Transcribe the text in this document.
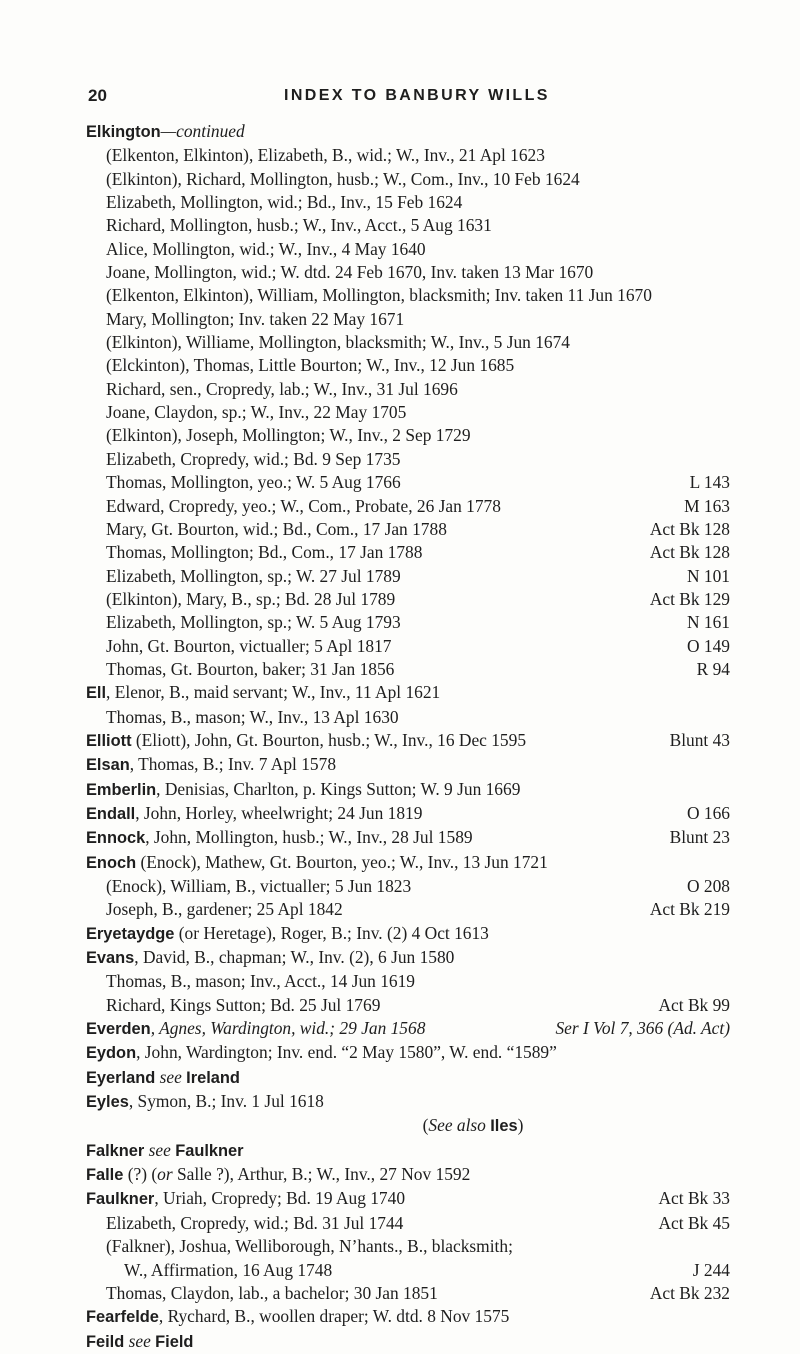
20	INDEX TO BANBURY WILLS
Elkington—continued
(Elkenton, Elkinton), Elizabeth, B., wid.; W., Inv., 21 Apl 1623
(Elkinton), Richard, Mollington, husb.; W., Com., Inv., 10 Feb 1624
Elizabeth, Mollington, wid.; Bd., Inv., 15 Feb 1624
Richard, Mollington, husb.; W., Inv., Acct., 5 Aug 1631
Alice, Mollington, wid.; W., Inv., 4 May 1640
Joane, Mollington, wid.; W. dtd. 24 Feb 1670, Inv. taken 13 Mar 1670
(Elkenton, Elkinton), William, Mollington, blacksmith; Inv. taken 11 Jun 1670
Mary, Mollington; Inv. taken 22 May 1671
(Elkinton), Williame, Mollington, blacksmith; W., Inv., 5 Jun 1674
(Elckinton), Thomas, Little Bourton; W., Inv., 12 Jun 1685
Richard, sen., Cropredy, lab.; W., Inv., 31 Jul 1696
Joane, Claydon, sp.; W., Inv., 22 May 1705
(Elkinton), Joseph, Mollington; W., Inv., 2 Sep 1729
Elizabeth, Cropredy, wid.; Bd. 9 Sep 1735
Thomas, Mollington, yeo.; W. 5 Aug 1766	L 143
Edward, Cropredy, yeo.; W., Com., Probate, 26 Jan 1778	M 163
Mary, Gt. Bourton, wid.; Bd., Com., 17 Jan 1788	Act Bk 128
Thomas, Mollington; Bd., Com., 17 Jan 1788	Act Bk 128
Elizabeth, Mollington, sp.; W. 27 Jul 1789	N 101
(Elkinton), Mary, B., sp.; Bd. 28 Jul 1789	Act Bk 129
Elizabeth, Mollington, sp.; W. 5 Aug 1793	N 161
John, Gt. Bourton, victualler; 5 Apl 1817	O 149
Thomas, Gt. Bourton, baker; 31 Jan 1856	R 94
Ell, Elenor, B., maid servant; W., Inv., 11 Apl 1621
Thomas, B., mason; W., Inv., 13 Apl 1630
Elliott (Eliott), John, Gt. Bourton, husb.; W., Inv., 16 Dec 1595	Blunt 43
Elsan, Thomas, B.; Inv. 7 Apl 1578
Emberlin, Denisias, Charlton, p. Kings Sutton; W. 9 Jun 1669
Endall, John, Horley, wheelwright; 24 Jun 1819	O 166
Ennock, John, Mollington, husb.; W., Inv., 28 Jul 1589	Blunt 23
Enoch (Enock), Mathew, Gt. Bourton, yeo.; W., Inv., 13 Jun 1721
(Enock), William, B., victualler; 5 Jun 1823	O 208
Joseph, B., gardener; 25 Apl 1842	Act Bk 219
Eryetaydge (or Heretage), Roger, B.; Inv. (2) 4 Oct 1613
Evans, David, B., chapman; W., Inv. (2), 6 Jun 1580
Thomas, B., mason; Inv., Acct., 14 Jun 1619
Richard, Kings Sutton; Bd. 25 Jul 1769	Act Bk 99
Everden, Agnes, Wardington, wid.; 29 Jan 1568	Ser I Vol 7, 366 (Ad. Act)
Eydon, John, Wardington; Inv. end. “2 May 1580”, W. end. “1589”
Eyerland see Ireland
Eyles, Symon, B.; Inv. 1 Jul 1618
(See also Iles)
Falkner see Faulkner
Falle (?) (or Salle ?), Arthur, B.; W., Inv., 27 Nov 1592
Faulkner, Uriah, Cropredy; Bd. 19 Aug 1740	Act Bk 33
Elizabeth, Cropredy, wid.; Bd. 31 Jul 1744	Act Bk 45
(Falkner), Joshua, Welliborough, N’hants., B., blacksmith;
W., Affirmation, 16 Aug 1748	J 244
Thomas, Claydon, lab., a bachelor; 30 Jan 1851	Act Bk 232
Fearfelde, Rychard, B., woollen draper; W. dtd. 8 Nov 1575
Feild see Field
